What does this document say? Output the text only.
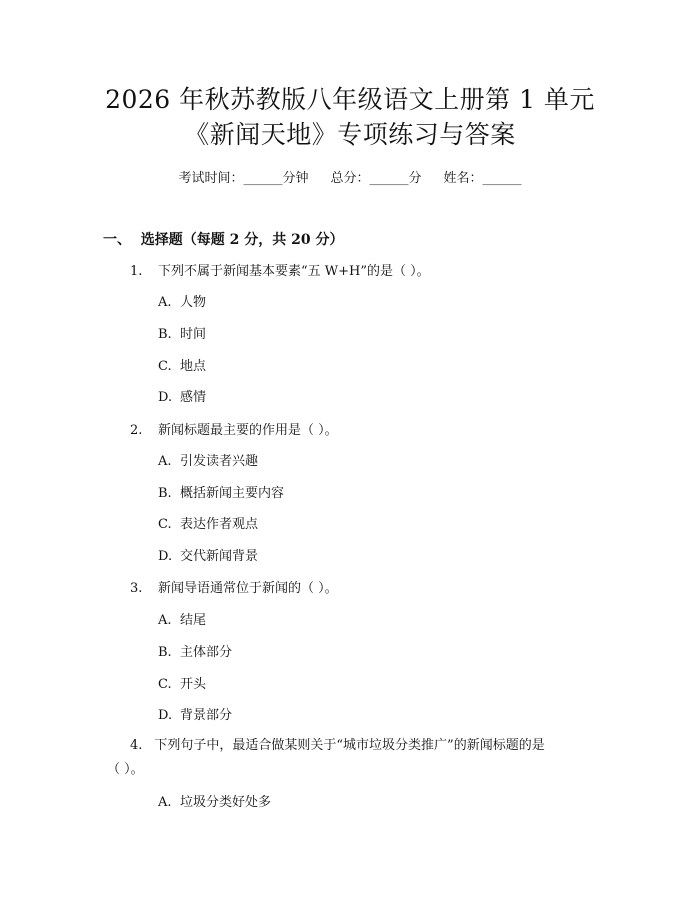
2026 年秋苏教版八年级语文上册第 1 单元
《新闻天地》专项练习与答案
考试时间：______分钟 总分：______分 姓名：______
一、  选择题（每题 2 分，共 20 分）
1. 下列不属于新闻基本要素“五 W+H”的是（ ）。
A. 人物
B. 时间
C. 地点
D. 感情
2. 新闻标题最主要的作用是（ ）。
A. 引发读者兴趣
B. 概括新闻主要内容
C. 表达作者观点
D. 交代新闻背景
3. 新闻导语通常位于新闻的（ ）。
A. 结尾
B. 主体部分
C. 开头
D. 背景部分
4. 下列句子中，最适合做某则关于“城市垃圾分类推广”的新闻标题的是
（ ）。
A. 垃圾分类好处多
